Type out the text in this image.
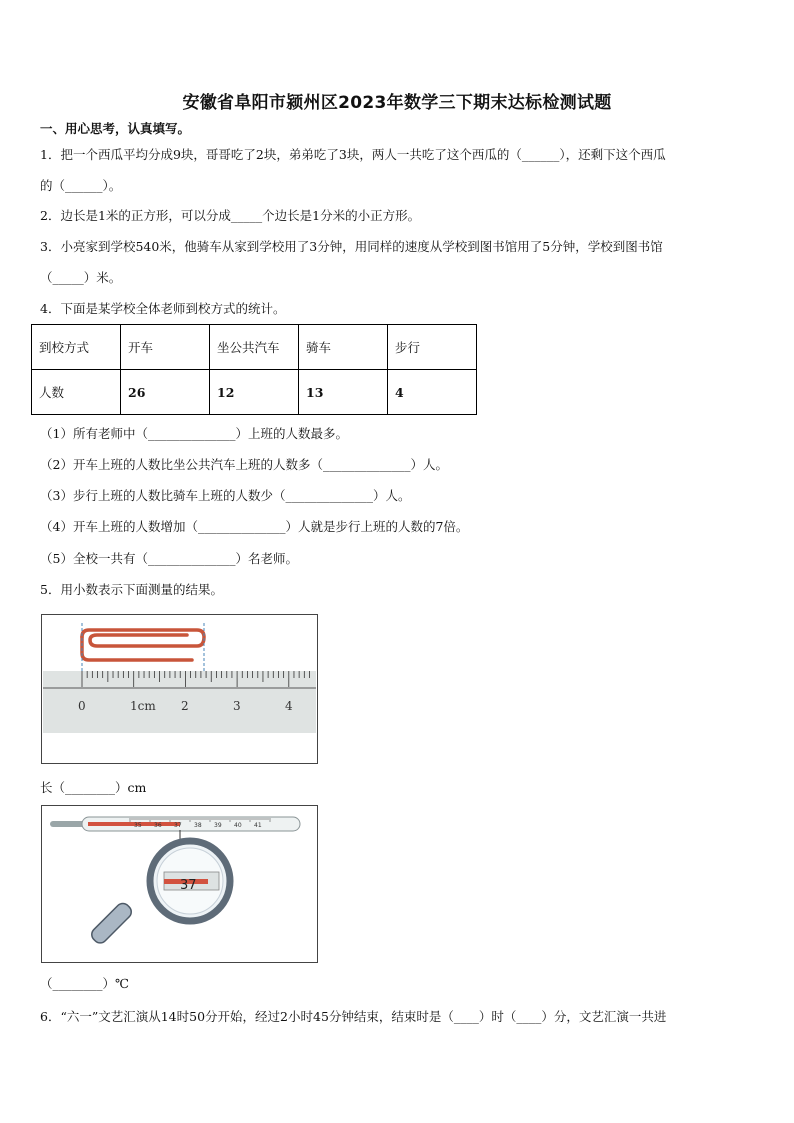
安徽省阜阳市颍州区2023年数学三下期末达标检测试题
一、用心思考，认真填写。
1．把一个西瓜平均分成9块，哥哥吃了2块，弟弟吃了3块，两人一共吃了这个西瓜的（______），还剩下这个西瓜
的（______）。
2．边长是1米的正方形，可以分成_____个边长是1分米的小正方形。
3．小亮家到学校540米，他骑车从家到学校用了3分钟，用同样的速度从学校到图书馆用了5分钟，学校到图书馆
（_____）米。
4．下面是某学校全体老师到校方式的统计。
到校方式	开车	坐公共汽车	骑车	步行
人数	26	12	13	4
（1）所有老师中（______________）上班的人数最多。
（2）开车上班的人数比坐公共汽车上班的人数多（______________）人。
（3）步行上班的人数比骑车上班的人数少（______________）人。
（4）开车上班的人数增加（______________）人就是步行上班的人数的7倍。
（5）全校一共有（______________）名老师。
5．用小数表示下面测量的结果。
0	1cm 2	3	4
长（________）cm
35 36 37 38 39 40 41
37
（________）℃
6．“六一”文艺汇演从14时50分开始，经过2小时45分钟结束，结束时是（____）时（____）分，文艺汇演一共进
